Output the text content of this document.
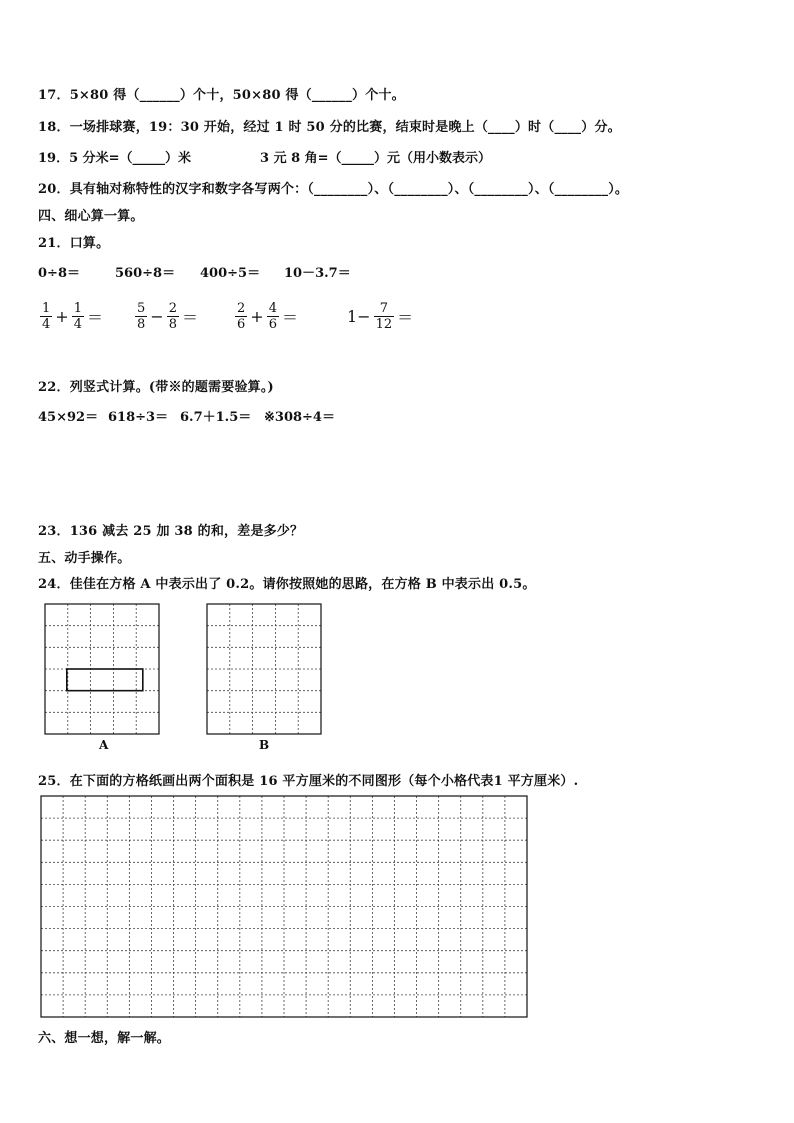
17．5×80 得（______）个十，50×80 得（______）个十。
18．一场排球赛，19：30 开始，经过 1 时 50 分的比赛，结束时是晚上（____）时（____）分。
19．5 分米=（_____）米	3 元 8 角=（_____）元（用小数表示）
20．具有轴对称特性的汉字和数字各写两个：（________）、（________）、（________）、（________）。
四、细心算一算。
21．口算。
0÷8＝	560÷8＝ 400÷5＝ 10－3.7＝
$\frac{1}{4} + \frac{1}{4} = \frac{5}{8} - \frac{2}{8}$ ＝	$\frac{2}{6} + \frac{4}{6}$ ＝	$1- \frac{7}{12}$ ＝
22．列竖式计算。(带※的题需要验算。)
45×92＝ 618÷3＝ 6.7＋1.5＝ ※308÷4＝
23．136 减去 25 加 38 的和，差是多少？
五、动手操作。
24．佳佳在方格 A 中表示出了 0.2。请你按照她的思路，在方格 B 中表示出 0.5。
A	B
25．在下面的方格纸画出两个面积是 16 平方厘米的不同图形（每个小格代表1 平方厘米）.
六、想一想，解一解。
